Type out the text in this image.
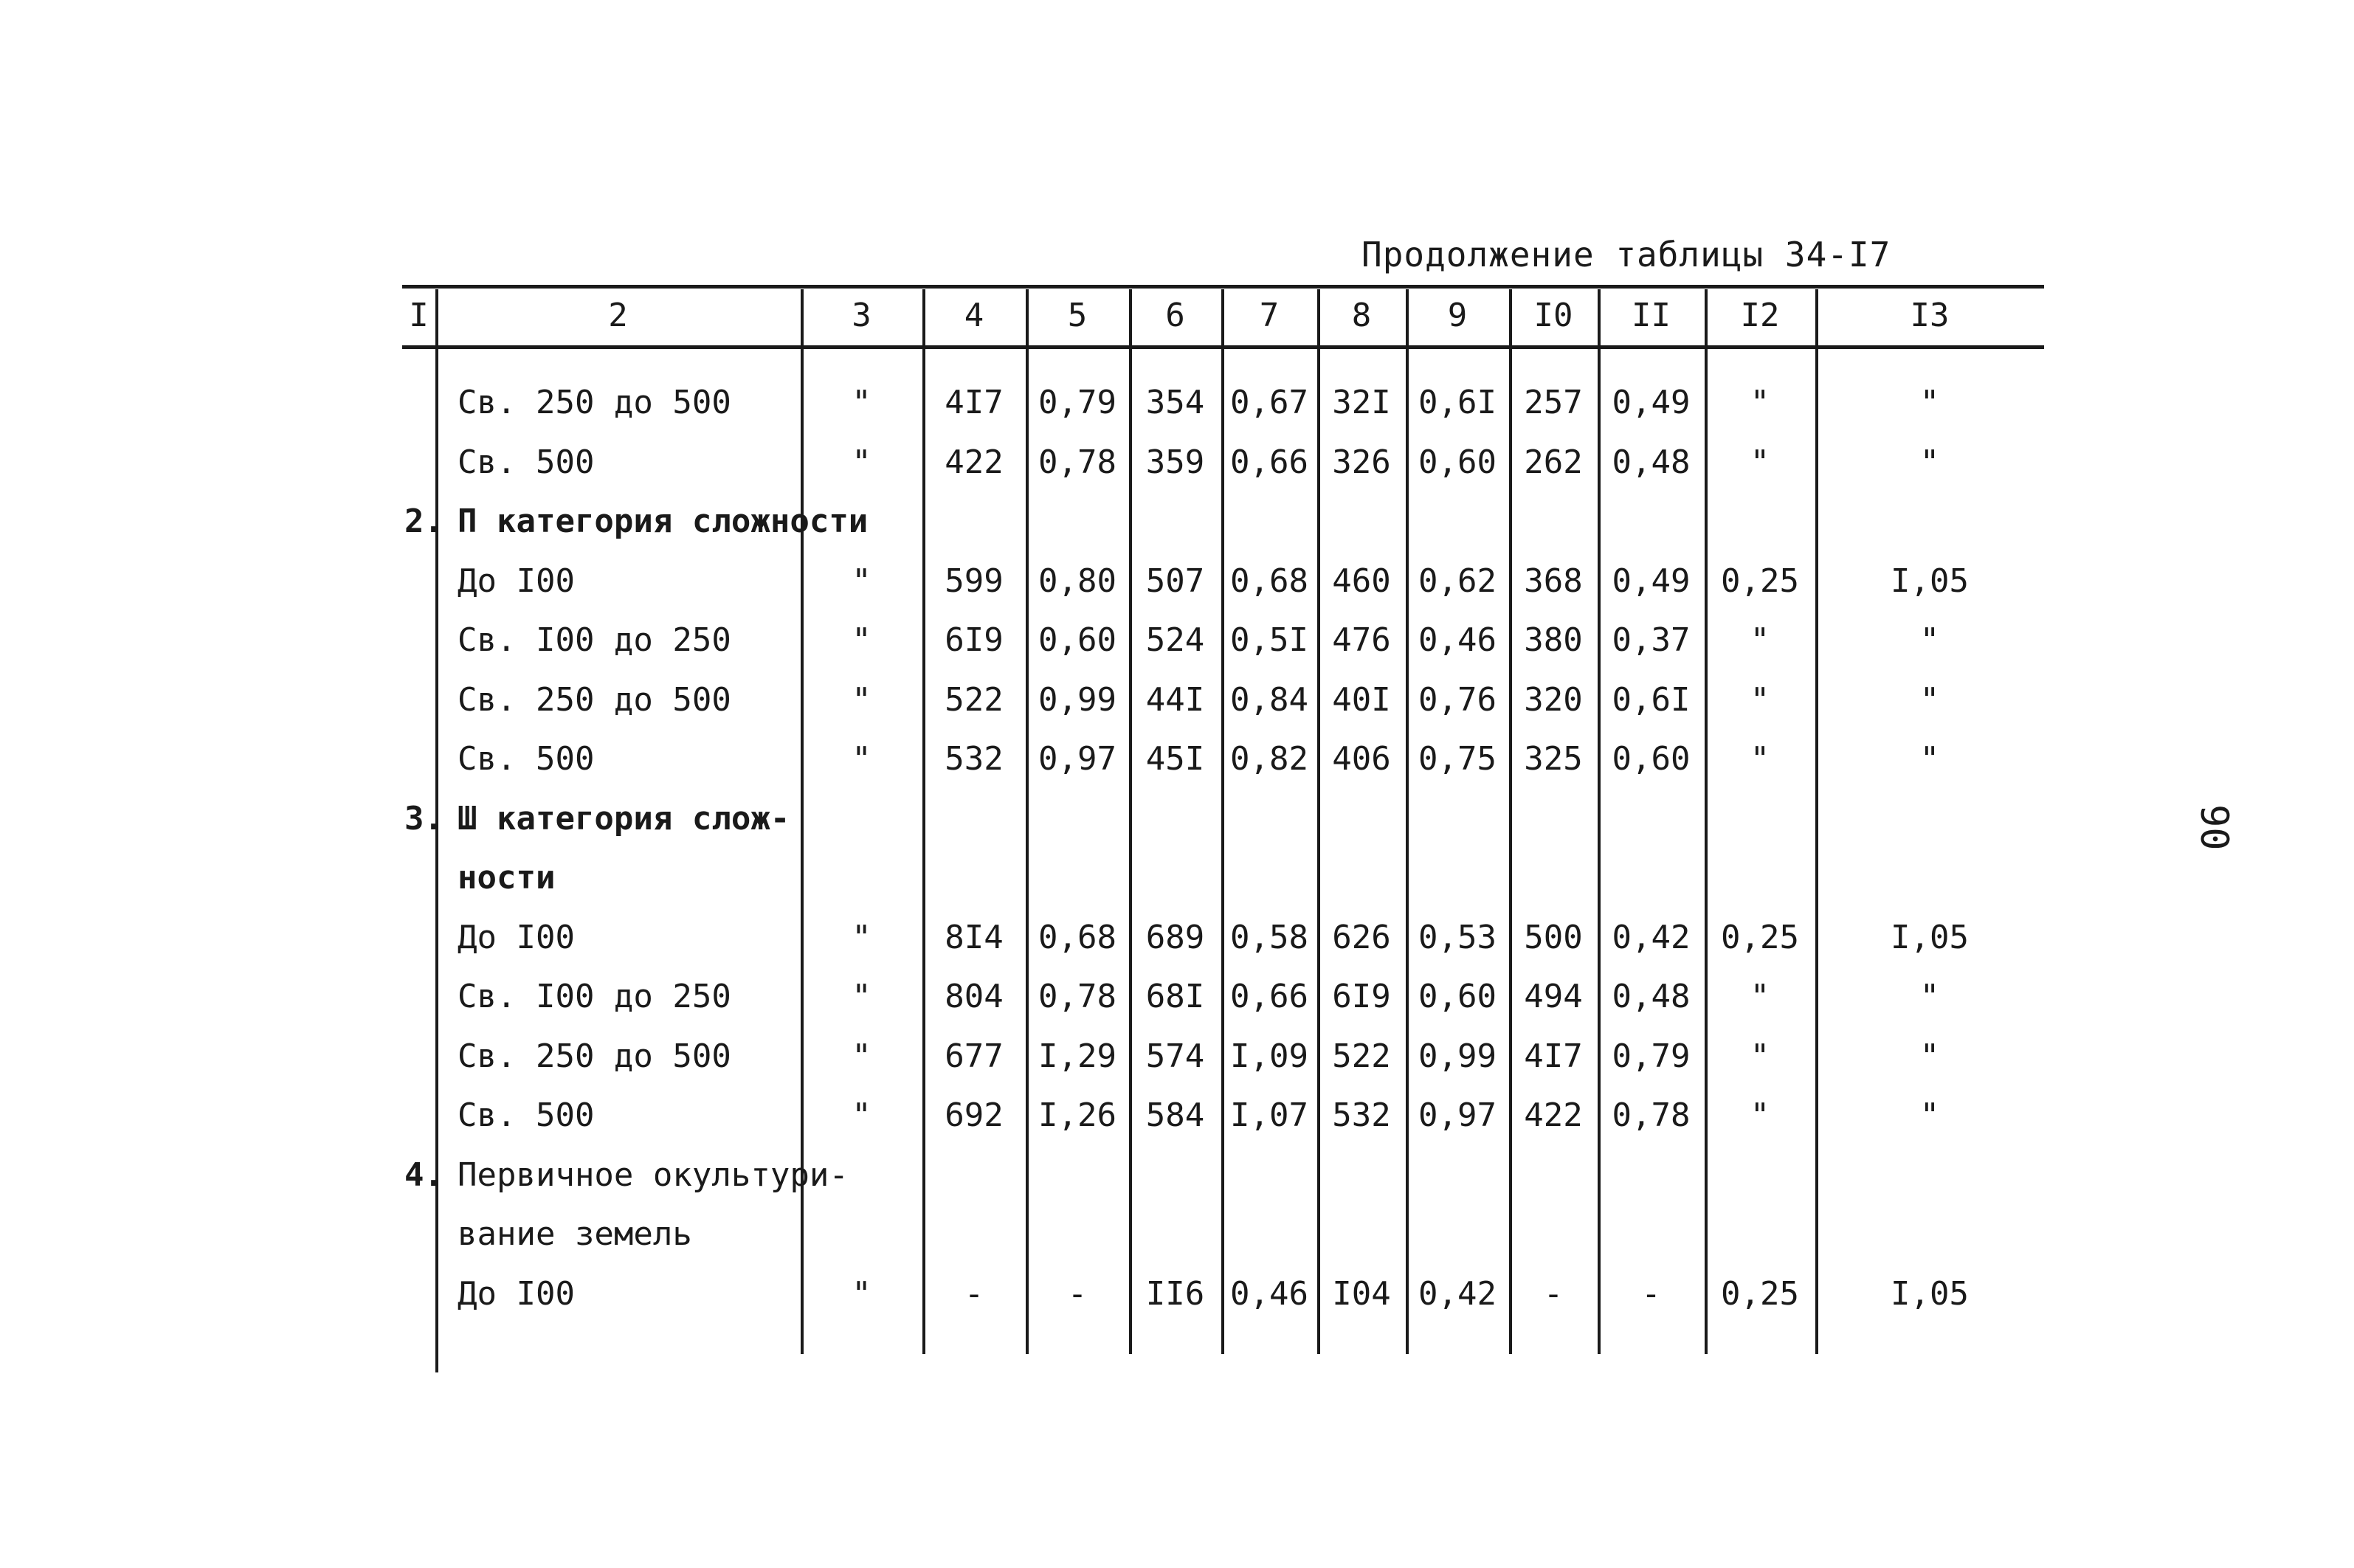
Продолжение таблицы 34-I7
90
I	2	3	4	5	6	7	8	9	I0	II	I2	I3
Св. 250 до 500	"	4I7	0,79 354 0,67 32I 0,6I 257 0,49	"	"
Св. 500	"	422	0,78 359 0,66 326 0,60 262 0,48	"	"
2. П категория сложности
До I00	"	599	0,80 507 0,68 460 0,62 368 0,49 0,25	I,05
Св. I00 до 250	"	6I9	0,60 524 0,5I 476 0,46 380 0,37	"	"
Св. 250 до 500	"	522	0,99 44I 0,84 40I 0,76 320 0,6I	"	"
Св. 500	"	532	0,97 45I 0,82 406 0,75 325 0,60	"	"
3. Ш категория слож-
ности
До I00	"	8I4	0,68 689 0,58 626 0,53 500 0,42 0,25	I,05
Св. I00 до 250	"	804	0,78 68I 0,66 6I9 0,60 494 0,48	"	"
Св. 250 до 500	"	677	I,29 574 I,09 522 0,99 4I7 0,79	"	"
Св. 500	"	692	I,26 584 I,07 532 0,97 422 0,78	"	"
4. Первичное окультури-
вание земель
До I00	"	-	-	II6 0,46 I04 0,42	-	-	0,25	I,05
